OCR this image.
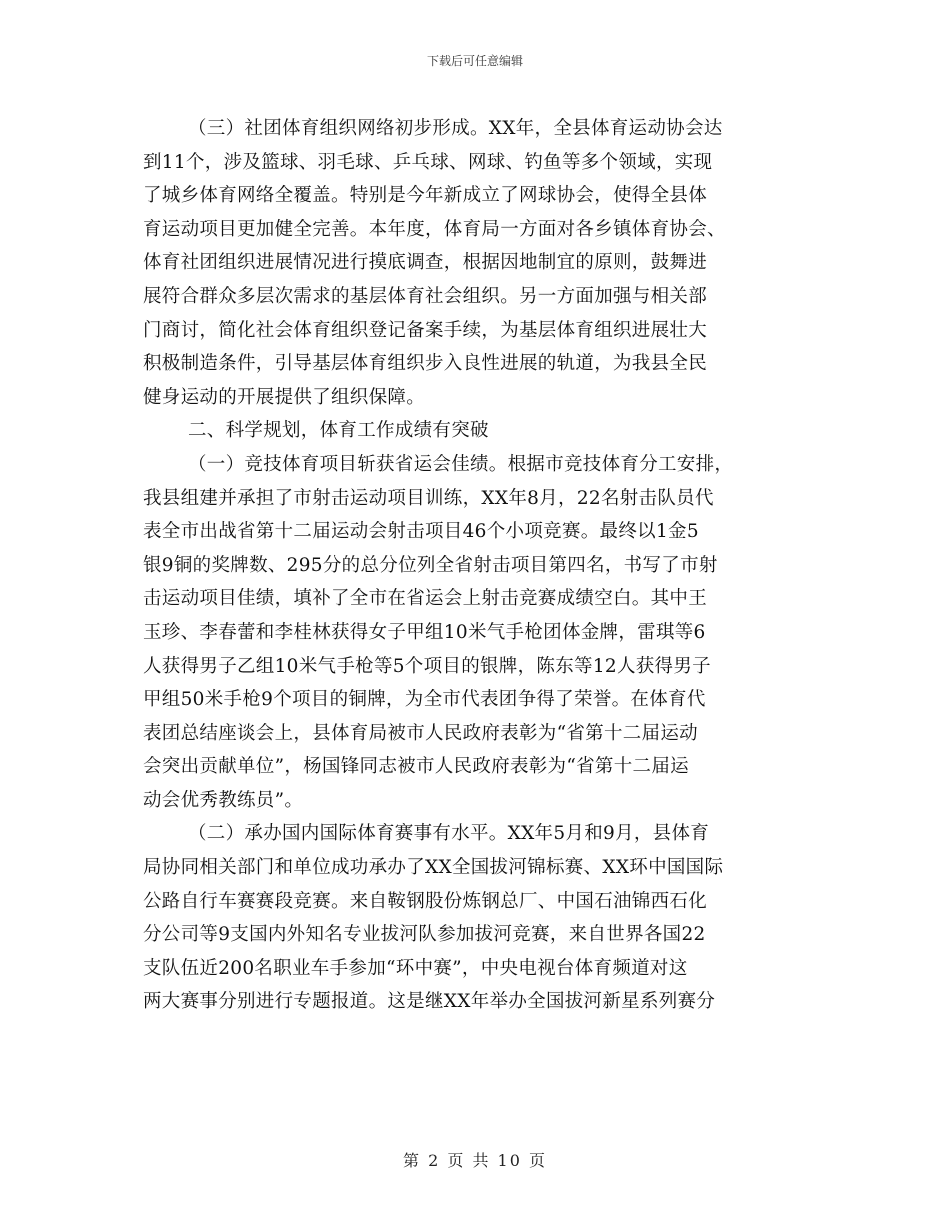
下载后可任意编辑
（三）社团体育组织网络初步形成。XX年，全县体育运动协会达
到11个，涉及篮球、羽毛球、乒乓球、网球、钓鱼等多个领域，实现
了城乡体育网络全覆盖。特别是今年新成立了网球协会，使得全县体
育运动项目更加健全完善。本年度，体育局一方面对各乡镇体育协会、
体育社团组织进展情况进行摸底调查，根据因地制宜的原则，鼓舞进
展符合群众多层次需求的基层体育社会组织。另一方面加强与相关部
门商讨，简化社会体育组织登记备案手续，为基层体育组织进展壮大
积极制造条件，引导基层体育组织步入良性进展的轨道，为我县全民
健身运动的开展提供了组织保障。
二、科学规划，体育工作成绩有突破
（一）竞技体育项目斩获省运会佳绩。根据市竞技体育分工安排，
我县组建并承担了市射击运动项目训练，XX年8月，22名射击队员代
表全市出战省第十二届运动会射击项目46个小项竞赛。最终以1金5
银9铜的奖牌数、295分的总分位列全省射击项目第四名，书写了市射
击运动项目佳绩，填补了全市在省运会上射击竞赛成绩空白。其中王
玉珍、李春蕾和李桂林获得女子甲组10米气手枪团体金牌，雷琪等6
人获得男子乙组10米气手枪等5个项目的银牌，陈东等12人获得男子
甲组50米手枪9个项目的铜牌，为全市代表团争得了荣誉。在体育代
表团总结座谈会上，县体育局被市人民政府表彰为“省第十二届运动
会突出贡献单位”，杨国锋同志被市人民政府表彰为“省第十二届运
动会优秀教练员”。
（二）承办国内国际体育赛事有水平。XX年5月和9月，县体育
局协同相关部门和单位成功承办了XX全国拔河锦标赛、XX环中国国际
公路自行车赛赛段竞赛。来自鞍钢股份炼钢总厂、中国石油锦西石化
分公司等9支国内外知名专业拔河队参加拔河竞赛，来自世界各国22
支队伍近200名职业车手参加“环中赛”，中央电视台体育频道对这
两大赛事分别进行专题报道。这是继XX年举办全国拔河新星系列赛分
第 2 页 共 10 页
